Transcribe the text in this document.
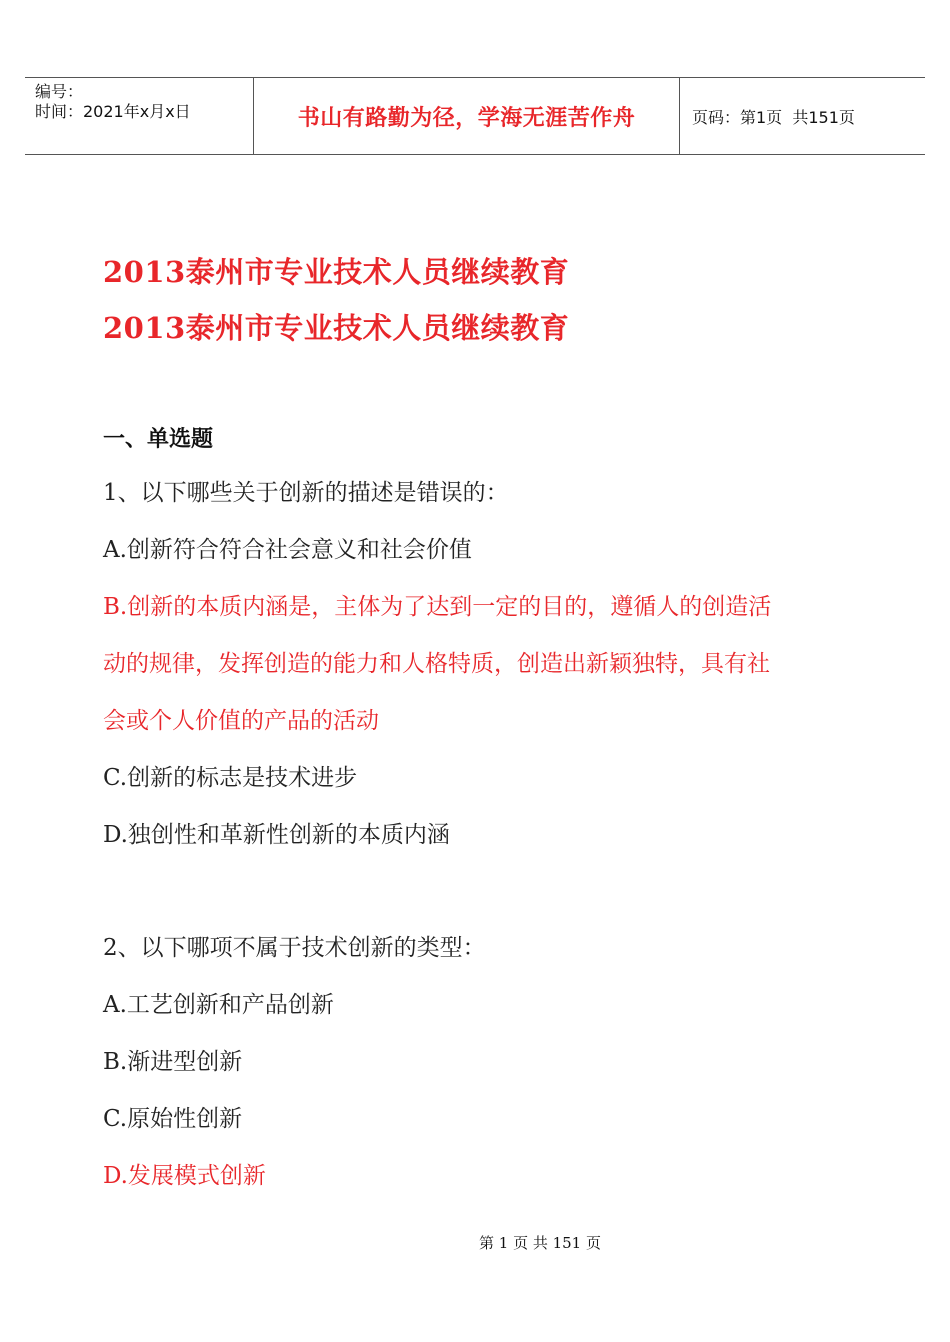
编号：
时间：2021年x月x日	书山有路勤为径，学海无涯苦作舟	页码：第1页  共151页
2013泰州市专业技术人员继续教育
2013泰州市专业技术人员继续教育
一、单选题
1、以下哪些关于创新的描述是错误的：
A.创新符合符合社会意义和社会价值
B.创新的本质内涵是，主体为了达到一定的目的，遵循人的创造活
动的规律，发挥创造的能力和人格特质，创造出新颖独特，具有社
会或个人价值的产品的活动
C.创新的标志是技术进步
D.独创性和革新性创新的本质内涵
2、以下哪项不属于技术创新的类型：
A.工艺创新和产品创新
B.渐进型创新
C.原始性创新
D.发展模式创新
第 1 页 共 151 页
